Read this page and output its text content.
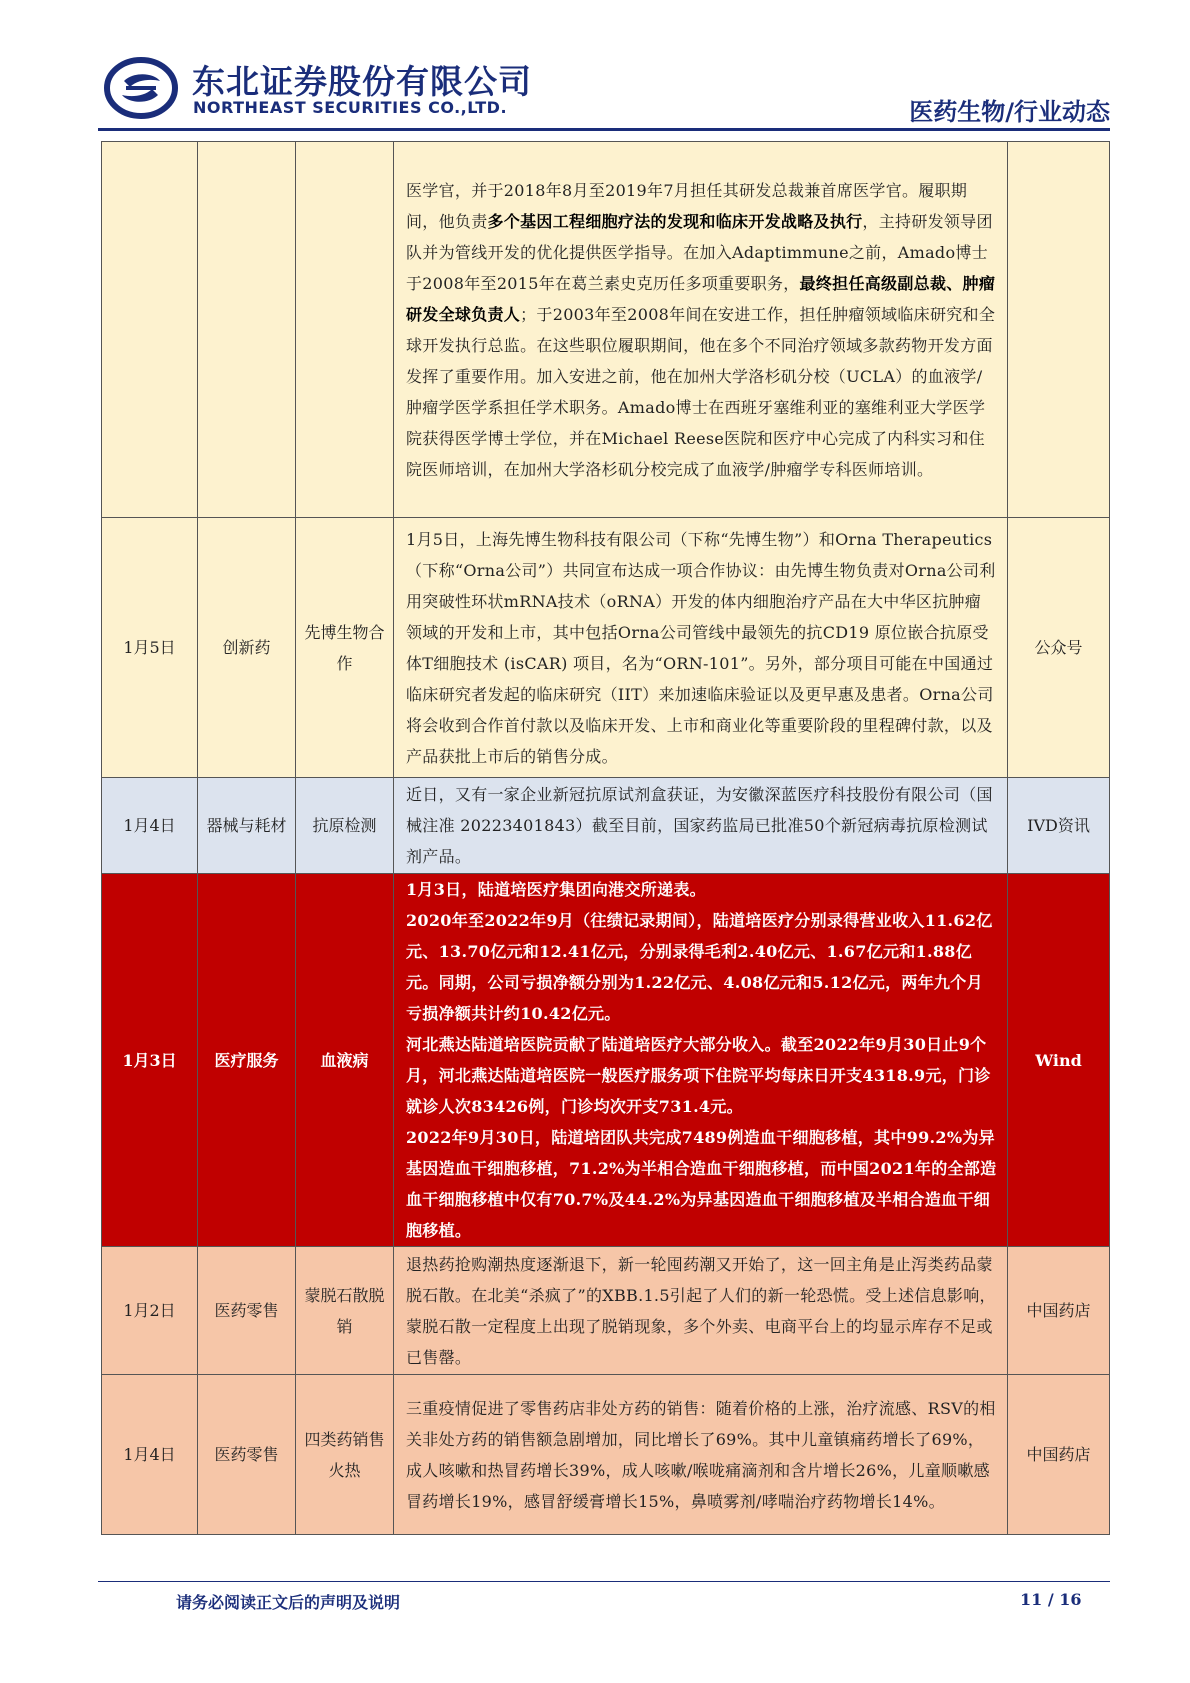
东北证券股份有限公司
NORTHEAST SECURITIES CO.,LTD.	医药生物/行业动态
			医学官，并于2018年8月至2019年7月担任其研发总裁兼首席医学官。履职期间，他负责多个基因工程细胞疗法的发现和临床开发战略及执行，主持研发领导团队并为管线开发的优化提供医学指导。在加入Adaptimmune之前，Amado博士于2008年至2015年在葛兰素史克历任多项重要职务，最终担任高级副总裁、肿瘤研发全球负责人；于2003年至2008年间在安进工作，担任肿瘤领域临床研究和全球开发执行总监。在这些职位履职期间，他在多个不同治疗领域多款药物开发方面发挥了重要作用。加入安进之前，他在加州大学洛杉矶分校（UCLA）的血液学/肿瘤学医学系担任学术职务。Amado博士在西班牙塞维利亚的塞维利亚大学医学院获得医学博士学位，并在Michael Reese医院和医疗中心完成了内科实习和住院医师培训，在加州大学洛杉矶分校完成了血液学/肿瘤学专科医师培训。	
1月5日	创新药	先博生物合作	1月5日，上海先博生物科技有限公司（下称“先博生物”）和Orna Therapeutics（下称“Orna公司”）共同宣布达成一项合作协议：由先博生物负责对Orna公司利用突破性环状mRNA技术（oRNA）开发的体内细胞治疗产品在大中华区抗肿瘤领域的开发和上市，其中包括Orna公司管线中最领先的抗CD19 原位嵌合抗原受体T细胞技术 (isCAR) 项目，名为“ORN-101”。另外，部分项目可能在中国通过临床研究者发起的临床研究（IIT）来加速临床验证以及更早惠及患者。Orna公司将会收到合作首付款以及临床开发、上市和商业化等重要阶段的里程碑付款，以及产品获批上市后的销售分成。	公众号
1月4日	器械与耗材	抗原检测	近日，又有一家企业新冠抗原试剂盒获证，为安徽深蓝医疗科技股份有限公司（国械注准 20223401843）截至目前，国家药监局已批准50个新冠病毒抗原检测试剂产品。	IVD资讯
1月3日	医疗服务	血液病	1月3日，陆道培医疗集团向港交所递表。
2020年至2022年9月（往绩记录期间），陆道培医疗分别录得营业收入11.62亿元、13.70亿元和12.41亿元，分别录得毛利2.40亿元、1.67亿元和1.88亿元。同期，公司亏损净额分别为1.22亿元、4.08亿元和5.12亿元，两年九个月亏损净额共计约10.42亿元。
河北燕达陆道培医院贡献了陆道培医疗大部分收入。截至2022年9月30日止9个月，河北燕达陆道培医院一般医疗服务项下住院平均每床日开支4318.9元，门诊就诊人次83426例，门诊均次开支731.4元。
2022年9月30日，陆道培团队共完成7489例造血干细胞移植，其中99.2%为异基因造血干细胞移植，71.2%为半相合造血干细胞移植，而中国2021年的全部造血干细胞移植中仅有70.7%及44.2%为异基因造血干细胞移植及半相合造血干细胞移植。	Wind
1月2日	医药零售	蒙脱石散脱销	退热药抢购潮热度逐渐退下，新一轮囤药潮又开始了，这一回主角是止泻类药品蒙脱石散。在北美“杀疯了”的XBB.1.5引起了人们的新一轮恐慌。受上述信息影响，蒙脱石散一定程度上出现了脱销现象，多个外卖、电商平台上的均显示库存不足或已售罄。	中国药店
1月4日	医药零售	四类药销售火热	三重疫情促进了零售药店非处方药的销售：随着价格的上涨，治疗流感、RSV的相关非处方药的销售额急剧增加，同比增长了69%。其中儿童镇痛药增长了69%，成人咳嗽和热冒药增长39%，成人咳嗽/喉咙痛滴剂和含片增长26%，儿童顺嗽感冒药增长19%，感冒舒缓膏增长15%，鼻喷雾剂/哮喘治疗药物增长14%。	中国药店
请务必阅读正文后的声明及说明	11 / 16
